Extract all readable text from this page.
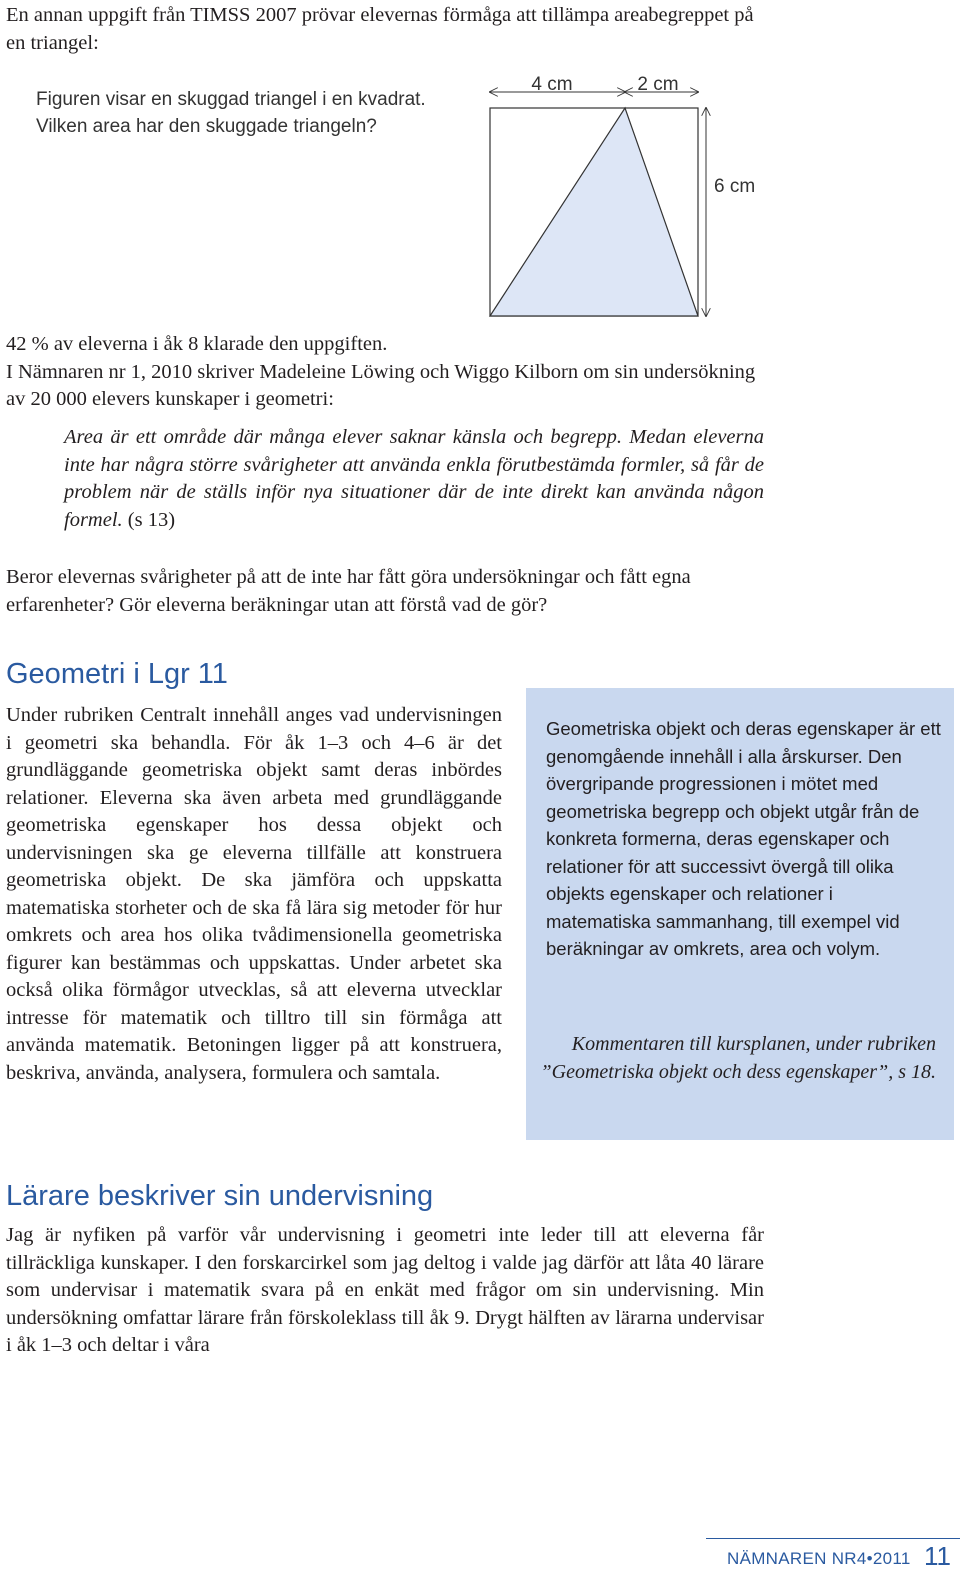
En annan uppgift från TIMSS 2007 prövar elevernas förmåga att tillämpa areabegreppet på en triangel:

Figuren visar en skuggad triangel i en kvadrat.
Vilken area har den skuggade triangeln?
4 cm	2 cm
6 cm

42 % av eleverna i åk 8 klarade den uppgiften.

I Nämnaren nr 1, 2010 skriver Madeleine Löwing och Wiggo Kilborn om sin undersökning av 20 000 elevers kunskaper i geometri:

Area är ett område där många elever saknar känsla och begrepp. Medan eleverna inte har några större svårigheter att använda enkla förutbestämda formler, så får de problem när de ställs inför nya situationer där de inte direkt kan använda någon formel. (s 13)

Beror elevernas svårigheter på att de inte har fått göra undersökningar och fått egna erfarenheter? Gör eleverna beräkningar utan att förstå vad de gör?

Geometri i Lgr 11

Under rubriken Centralt innehåll anges vad undervisningen i geometri ska behandla. För åk 1–3 och 4–6 är det grundläggande geometriska objekt samt deras inbördes relationer. Eleverna ska även arbeta med grundläggande geometriska egenskaper hos dessa objekt och undervisningen ska ge eleverna tillfälle att konstruera geometriska objekt. De ska jämföra och uppskatta matematiska storheter och de ska få lära sig metoder för hur omkrets och area hos olika tvådimensionella geometriska figurer kan bestämmas och uppskattas. Under arbetet ska också olika förmågor utvecklas, så att eleverna utvecklar intresse för matematik och tilltro till sin förmåga att använda matematik. Betoningen ligger på att konstruera, beskriva, använda, analysera, formulera och samtala.

Geometriska objekt och deras egenskaper är ett genomgående innehåll i alla årskurser. Den övergripande progressionen i mötet med geometriska begrepp och objekt utgår från de konkreta formerna, deras egenskaper och relationer för att successivt övergå till olika objekts egenskaper och relationer i matematiska sammanhang, till exempel vid beräkningar av omkrets, area och volym.

Kommentaren till kursplanen, under rubriken ”Geometriska objekt och dess egenskaper”, s 18.

Lärare beskriver sin undervisning

Jag är nyfiken på varför vår undervisning i geometri inte leder till att eleverna får tillräckliga kunskaper. I den forskarcirkel som jag deltog i valde jag därför att låta 40 lärare som undervisar i matematik svara på en enkät med frågor om sin undervisning. Min undersökning omfattar lärare från förskoleklass till åk 9. Drygt hälften av lärarna undervisar i åk 1–3 och deltar i våra

NÄMNAREN NR4•2011 11
